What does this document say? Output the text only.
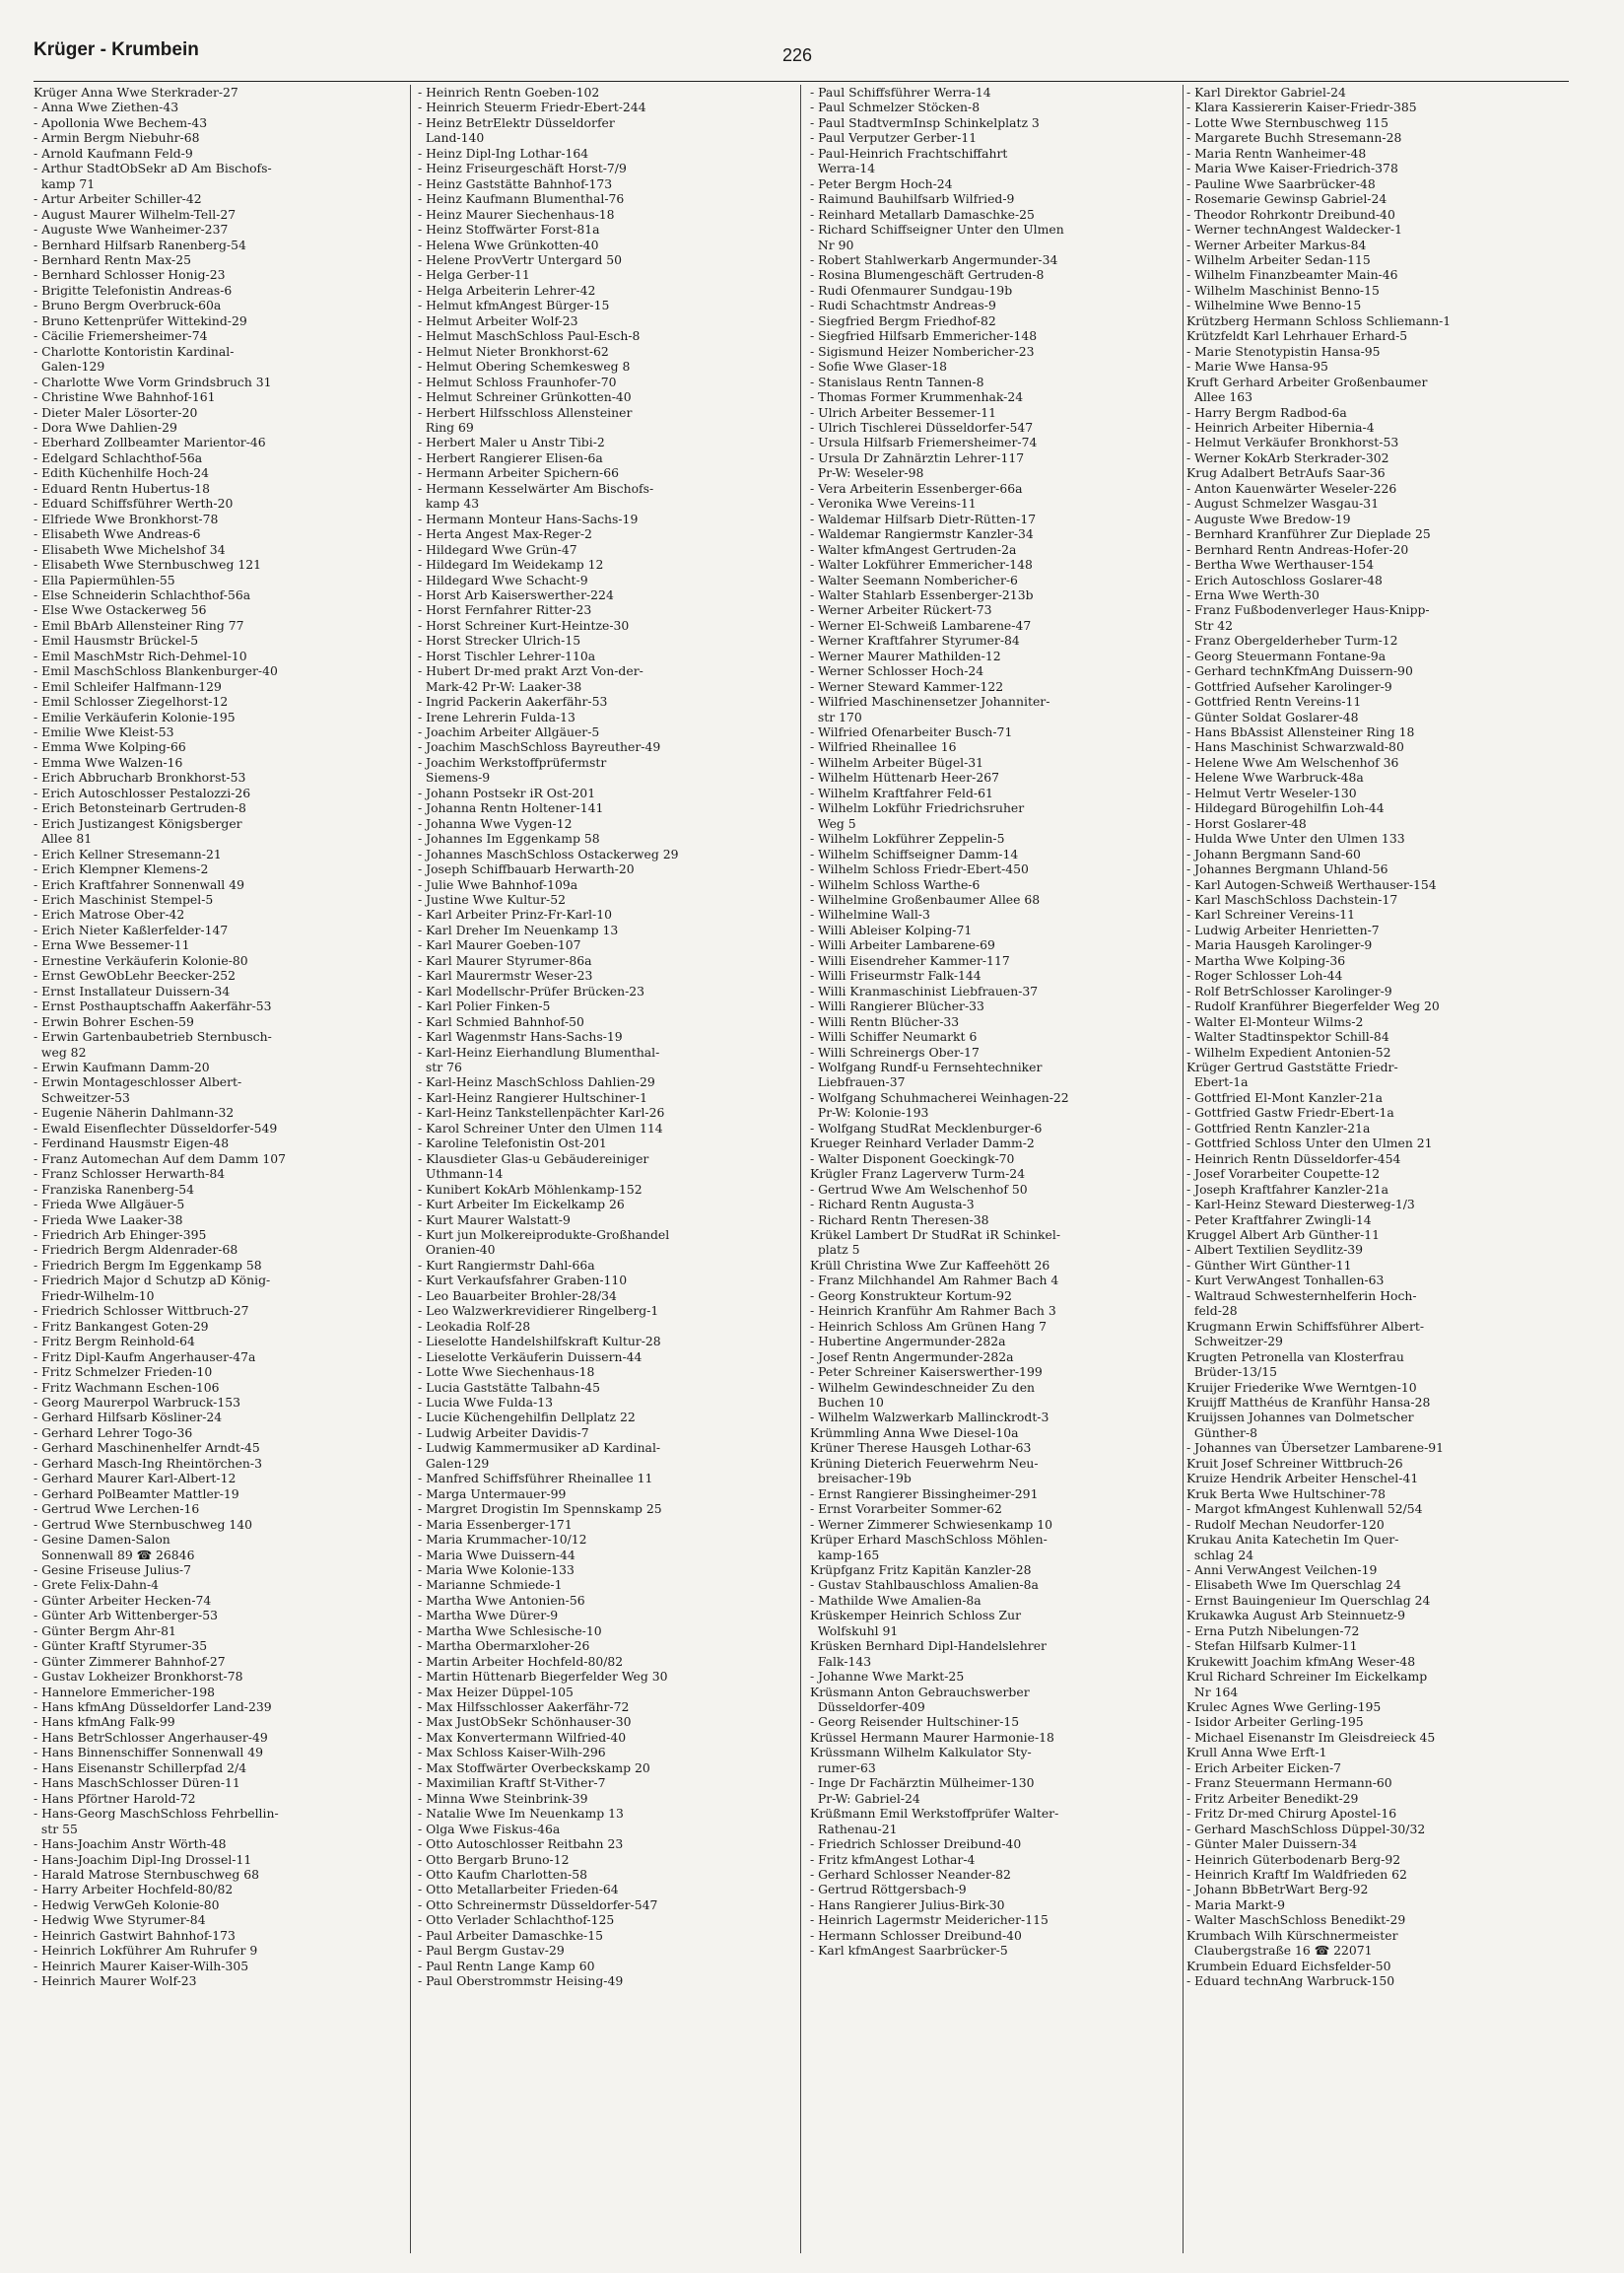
Krüger - Krumbein	226
Krüger Anna Wwe Sterkrader-27
- Anna Wwe Ziethen-43
- Apollonia Wwe Bechem-43
- Armin Bergm Niebuhr-68
- Arnold Kaufmann Feld-9
- Arthur StadtObSekr aD Am Bischofs-
kamp 71
- Artur Arbeiter Schiller-42
- August Maurer Wilhelm-Tell-27
- Auguste Wwe Wanheimer-237
- Bernhard Hilfsarb Ranenberg-54
- Bernhard Rentn Max-25
- Bernhard Schlosser Honig-23
- Brigitte Telefonistin Andreas-6
- Bruno Bergm Overbruck-60a
- Bruno Kettenprüfer Wittekind-29
- Cäcilie Friemersheimer-74
- Charlotte Kontoristin Kardinal-
Galen-129
- Charlotte Wwe Vorm Grindsbruch 31
- Christine Wwe Bahnhof-161
- Dieter Maler Lösorter-20
- Dora Wwe Dahlien-29
- Eberhard Zollbeamter Marientor-46
- Edelgard Schlachthof-56a
- Edith Küchenhilfe Hoch-24
- Eduard Rentn Hubertus-18
- Eduard Schiffsführer Werth-20
- Elfriede Wwe Bronkhorst-78
- Elisabeth Wwe Andreas-6
- Elisabeth Wwe Michelshof 34
- Elisabeth Wwe Sternbuschweg 121
- Ella Papiermühlen-55
- Else Schneiderin Schlachthof-56a
- Else Wwe Ostackerweg 56
- Emil BbArb Allensteiner Ring 77
- Emil Hausmstr Brückel-5
- Emil MaschMstr Rich-Dehmel-10
- Emil MaschSchloss Blankenburger-40
- Emil Schleifer Halfmann-129
- Emil Schlosser Ziegelhorst-12
- Emilie Verkäuferin Kolonie-195
- Emilie Wwe Kleist-53
- Emma Wwe Kolping-66
- Emma Wwe Walzen-16
- Erich Abbrucharb Bronkhorst-53
- Erich Autoschlosser Pestalozzi-26
- Erich Betonsteinarb Gertruden-8
- Erich Justizangest Königsberger
Allee 81
- Erich Kellner Stresemann-21
- Erich Klempner Klemens-2
- Erich Kraftfahrer Sonnenwall 49
- Erich Maschinist Stempel-5
- Erich Matrose Ober-42
- Erich Nieter Kaßlerfelder-147
- Erna Wwe Bessemer-11
- Ernestine Verkäuferin Kolonie-80
- Ernst GewObLehr Beecker-252
- Ernst Installateur Duissern-34
- Ernst Posthauptschaffn Aakerfähr-53
- Erwin Bohrer Eschen-59
- Erwin Gartenbaubetrieb Sternbusch-
weg 82
- Erwin Kaufmann Damm-20
- Erwin Montageschlosser Albert-
Schweitzer-53
- Eugenie Näherin Dahlmann-32
- Ewald Eisenflechter Düsseldorfer-549
- Ferdinand Hausmstr Eigen-48
- Franz Automechan Auf dem Damm 107
- Franz Schlosser Herwarth-84
- Franziska Ranenberg-54
- Frieda Wwe Allgäuer-5
- Frieda Wwe Laaker-38
- Friedrich Arb Ehinger-395
- Friedrich Bergm Aldenrader-68
- Friedrich Bergm Im Eggenkamp 58
- Friedrich Major d Schutzp aD König-
Friedr-Wilhelm-10
- Friedrich Schlosser Wittbruch-27
- Fritz Bankangest Goten-29
- Fritz Bergm Reinhold-64
- Fritz Dipl-Kaufm Angerhauser-47a
- Fritz Schmelzer Frieden-10
- Fritz Wachmann Eschen-106
- Georg Maurerpol Warbruck-153
- Gerhard Hilfsarb Kösliner-24
- Gerhard Lehrer Togo-36
- Gerhard Maschinenhelfer Arndt-45
- Gerhard Masch-Ing Rheintörchen-3
- Gerhard Maurer Karl-Albert-12
- Gerhard PolBeamter Mattler-19
- Gertrud Wwe Lerchen-16
- Gertrud Wwe Sternbuschweg 140
- Gesine Damen-Salon
Sonnenwall 89 ☎ 26846
- Gesine Friseuse Julius-7
- Grete Felix-Dahn-4
- Günter Arbeiter Hecken-74
- Günter Arb Wittenberger-53
- Günter Bergm Ahr-81
- Günter Kraftf Styrumer-35
- Günter Zimmerer Bahnhof-27
- Gustav Lokheizer Bronkhorst-78
- Hannelore Emmericher-198
- Hans kfmAng Düsseldorfer Land-239
- Hans kfmAng Falk-99
- Hans BetrSchlosser Angerhauser-49
- Hans Binnenschiffer Sonnenwall 49
- Hans Eisenanstr Schillerpfad 2/4
- Hans MaschSchlosser Düren-11
- Hans Pförtner Harold-72
- Hans-Georg MaschSchloss Fehrbellin-
str 55
- Hans-Joachim Anstr Wörth-48
- Hans-Joachim Dipl-Ing Drossel-11
- Harald Matrose Sternbuschweg 68
- Harry Arbeiter Hochfeld-80/82
- Hedwig VerwGeh Kolonie-80
- Hedwig Wwe Styrumer-84
- Heinrich Gastwirt Bahnhof-173
- Heinrich Lokführer Am Ruhrufer 9
- Heinrich Maurer Kaiser-Wilh-305
- Heinrich Maurer Wolf-23
- Heinrich Rentn Goeben-102
- Heinrich Steuerm Friedr-Ebert-244
- Heinz BetrElektr Düsseldorfer
Land-140
- Heinz Dipl-Ing Lothar-164
- Heinz Friseurgeschäft Horst-7/9
- Heinz Gaststätte Bahnhof-173
- Heinz Kaufmann Blumenthal-76
- Heinz Maurer Siechenhaus-18
- Heinz Stoffwärter Forst-81a
- Helena Wwe Grünkotten-40
- Helene ProvVertr Untergard 50
- Helga Gerber-11
- Helga Arbeiterin Lehrer-42
- Helmut kfmAngest Bürger-15
- Helmut Arbeiter Wolf-23
- Helmut MaschSchloss Paul-Esch-8
- Helmut Nieter Bronkhorst-62
- Helmut Obering Schemkesweg 8
- Helmut Schloss Fraunhofer-70
- Helmut Schreiner Grünkotten-40
- Herbert Hilfsschloss Allensteiner
Ring 69
- Herbert Maler u Anstr Tibi-2
- Herbert Rangierer Elisen-6a
- Hermann Arbeiter Spichern-66
- Hermann Kesselwärter Am Bischofs-
kamp 43
- Hermann Monteur Hans-Sachs-19
- Herta Angest Max-Reger-2
- Hildegard Wwe Grün-47
- Hildegard Im Weidekamp 12
- Hildegard Wwe Schacht-9
- Horst Arb Kaiserswerther-224
- Horst Fernfahrer Ritter-23
- Horst Schreiner Kurt-Heintze-30
- Horst Strecker Ulrich-15
- Horst Tischler Lehrer-110a
- Hubert Dr-med prakt Arzt Von-der-
Mark-42 Pr-W: Laaker-38
- Ingrid Packerin Aakerfähr-53
- Irene Lehrerin Fulda-13
- Joachim Arbeiter Allgäuer-5
- Joachim MaschSchloss Bayreuther-49
- Joachim Werkstoffprüfermstr
Siemens-9
- Johann Postsekr iR Ost-201
- Johanna Rentn Holtener-141
- Johanna Wwe Vygen-12
- Johannes Im Eggenkamp 58
- Johannes MaschSchloss Ostackerweg 29
- Joseph Schiffbauarb Herwarth-20
- Julie Wwe Bahnhof-109a
- Justine Wwe Kultur-52
- Karl Arbeiter Prinz-Fr-Karl-10
- Karl Dreher Im Neuenkamp 13
- Karl Maurer Goeben-107
- Karl Maurer Styrumer-86a
- Karl Maurermstr Weser-23
- Karl Modellschr-Prüfer Brücken-23
- Karl Polier Finken-5
- Karl Schmied Bahnhof-50
- Karl Wagenmstr Hans-Sachs-19
- Karl-Heinz Eierhandlung Blumenthal-
str 76
- Karl-Heinz MaschSchloss Dahlien-29
- Karl-Heinz Rangierer Hultschiner-1
- Karl-Heinz Tankstellenpächter Karl-26
- Karol Schreiner Unter den Ulmen 114
- Karoline Telefonistin Ost-201
- Klausdieter Glas-u Gebäudereiniger
Uthmann-14
- Kunibert KokArb Möhlenkamp-152
- Kurt Arbeiter Im Eickelkamp 26
- Kurt Maurer Walstatt-9
- Kurt jun Molkereiprodukte-Großhandel
Oranien-40
- Kurt Rangiermstr Dahl-66a
- Kurt Verkaufsfahrer Graben-110
- Leo Bauarbeiter Brohler-28/34
- Leo Walzwerkrevidierer Ringelberg-1
- Leokadia Rolf-28
- Lieselotte Handelshilfskraft Kultur-28
- Lieselotte Verkäuferin Duissern-44
- Lotte Wwe Siechenhaus-18
- Lucia Gaststätte Talbahn-45
- Lucia Wwe Fulda-13
- Lucie Küchengehilfin Dellplatz 22
- Ludwig Arbeiter Davidis-7
- Ludwig Kammermusiker aD Kardinal-
Galen-129
- Manfred Schiffsführer Rheinallee 11
- Marga Untermauer-99
- Margret Drogistin Im Spennskamp 25
- Maria Essenberger-171
- Maria Krummacher-10/12
- Maria Wwe Duissern-44
- Maria Wwe Kolonie-133
- Marianne Schmiede-1
- Martha Wwe Antonien-56
- Martha Wwe Dürer-9
- Martha Wwe Schlesische-10
- Martha Obermarxloher-26
- Martin Arbeiter Hochfeld-80/82
- Martin Hüttenarb Biegerfelder Weg 30
- Max Heizer Düppel-105
- Max Hilfsschlosser Aakerfähr-72
- Max JustObSekr Schönhauser-30
- Max Konvertermann Wilfried-40
- Max Schloss Kaiser-Wilh-296
- Max Stoffwärter Overbeckskamp 20
- Maximilian Kraftf St-Vither-7
- Minna Wwe Steinbrink-39
- Natalie Wwe Im Neuenkamp 13
- Olga Wwe Fiskus-46a
- Otto Autoschlosser Reitbahn 23
- Otto Bergarb Bruno-12
- Otto Kaufm Charlotten-58
- Otto Metallarbeiter Frieden-64
- Otto Schreinermstr Düsseldorfer-547
- Otto Verlader Schlachthof-125
- Paul Arbeiter Damaschke-15
- Paul Bergm Gustav-29
- Paul Rentn Lange Kamp 60
- Paul Oberstrommstr Heising-49
- Paul Schiffsführer Werra-14
- Paul Schmelzer Stöcken-8
- Paul StadtvermInsp Schinkelplatz 3
- Paul Verputzer Gerber-11
- Paul-Heinrich Frachtschiffahrt
Werra-14
- Peter Bergm Hoch-24
- Raimund Bauhilfsarb Wilfried-9
- Reinhard Metallarb Damaschke-25
- Richard Schiffseigner Unter den Ulmen
Nr 90
- Robert Stahlwerkarb Angermunder-34
- Rosina Blumengeschäft Gertruden-8
- Rudi Ofenmaurer Sundgau-19b
- Rudi Schachtmstr Andreas-9
- Siegfried Bergm Friedhof-82
- Siegfried Hilfsarb Emmericher-148
- Sigismund Heizer Nombericher-23
- Sofie Wwe Glaser-18
- Stanislaus Rentn Tannen-8
- Thomas Former Krummenhak-24
- Ulrich Arbeiter Bessemer-11
- Ulrich Tischlerei Düsseldorfer-547
- Ursula Hilfsarb Friemersheimer-74
- Ursula Dr Zahnärztin Lehrer-117
Pr-W: Weseler-98
- Vera Arbeiterin Essenberger-66a
- Veronika Wwe Vereins-11
- Waldemar Hilfsarb Dietr-Rütten-17
- Waldemar Rangiermstr Kanzler-34
- Walter kfmAngest Gertruden-2a
- Walter Lokführer Emmericher-148
- Walter Seemann Nombericher-6
- Walter Stahlarb Essenberger-213b
- Werner Arbeiter Rückert-73
- Werner El-Schweiß Lambarene-47
- Werner Kraftfahrer Styrumer-84
- Werner Maurer Mathilden-12
- Werner Schlosser Hoch-24
- Werner Steward Kammer-122
- Wilfried Maschinensetzer Johanniter-
str 170
- Wilfried Ofenarbeiter Busch-71
- Wilfried Rheinallee 16
- Wilhelm Arbeiter Bügel-31
- Wilhelm Hüttenarb Heer-267
- Wilhelm Kraftfahrer Feld-61
- Wilhelm Lokführ Friedrichsruher
Weg 5
- Wilhelm Lokführer Zeppelin-5
- Wilhelm Schiffseigner Damm-14
- Wilhelm Schloss Friedr-Ebert-450
- Wilhelm Schloss Warthe-6
- Wilhelmine Großenbaumer Allee 68
- Wilhelmine Wall-3
- Willi Ableiser Kolping-71
- Willi Arbeiter Lambarene-69
- Willi Eisendreher Kammer-117
- Willi Friseurmstr Falk-144
- Willi Kranmaschinist Liebfrauen-37
- Willi Rangierer Blücher-33
- Willi Rentn Blücher-33
- Willi Schiffer Neumarkt 6
- Willi Schreinergs Ober-17
- Wolfgang Rundf-u Fernsehtechniker
Liebfrauen-37
- Wolfgang Schuhmacherei Weinhagen-22
Pr-W: Kolonie-193
- Wolfgang StudRat Mecklenburger-6
Krueger Reinhard Verlader Damm-2
- Walter Disponent Goeckingk-70
Krügler Franz Lagerverw Turm-24
- Gertrud Wwe Am Welschenhof 50
- Richard Rentn Augusta-3
- Richard Rentn Theresen-38
Krükel Lambert Dr StudRat iR Schinkel-
platz 5
Krüll Christina Wwe Zur Kaffeehött 26
- Franz Milchhandel Am Rahmer Bach 4
- Georg Konstrukteur Kortum-92
- Heinrich Kranführ Am Rahmer Bach 3
- Heinrich Schloss Am Grünen Hang 7
- Hubertine Angermunder-282a
- Josef Rentn Angermunder-282a
- Peter Schreiner Kaiserswerther-199
- Wilhelm Gewindeschneider Zu den
Buchen 10
- Wilhelm Walzwerkarb Mallinckrodt-3
Krümmling Anna Wwe Diesel-10a
Krüner Therese Hausgeh Lothar-63
Krüning Dieterich Feuerwehrm Neu-
breisacher-19b
- Ernst Rangierer Bissingheimer-291
- Ernst Vorarbeiter Sommer-62
- Werner Zimmerer Schwiesenkamp 10
Krüper Erhard MaschSchloss Möhlen-
kamp-165
Krüpfganz Fritz Kapitän Kanzler-28
- Gustav Stahlbauschloss Amalien-8a
- Mathilde Wwe Amalien-8a
Krüskemper Heinrich Schloss Zur
Wolfskuhl 91
Krüsken Bernhard Dipl-Handelslehrer
Falk-143
- Johanne Wwe Markt-25
Krüsmann Anton Gebrauchswerber
Düsseldorfer-409
- Georg Reisender Hultschiner-15
Krüssel Hermann Maurer Harmonie-18
Krüssmann Wilhelm Kalkulator Sty-
rumer-63
- Inge Dr Fachärztin Mülheimer-130
Pr-W: Gabriel-24
Krüßmann Emil Werkstoffprüfer Walter-
Rathenau-21
- Friedrich Schlosser Dreibund-40
- Fritz kfmAngest Lothar-4
- Gerhard Schlosser Neander-82
- Gertrud Röttgersbach-9
- Hans Rangierer Julius-Birk-30
- Heinrich Lagermstr Meidericher-115
- Hermann Schlosser Dreibund-40
- Karl kfmAngest Saarbrücker-5
- Karl Direktor Gabriel-24
- Klara Kassiererin Kaiser-Friedr-385
- Lotte Wwe Sternbuschweg 115
- Margarete Buchh Stresemann-28
- Maria Rentn Wanheimer-48
- Maria Wwe Kaiser-Friedrich-378
- Pauline Wwe Saarbrücker-48
- Rosemarie Gewinsp Gabriel-24
- Theodor Rohrkontr Dreibund-40
- Werner technAngest Waldecker-1
- Werner Arbeiter Markus-84
- Wilhelm Arbeiter Sedan-115
- Wilhelm Finanzbeamter Main-46
- Wilhelm Maschinist Benno-15
- Wilhelmine Wwe Benno-15
Krützberg Hermann Schloss Schliemann-1
Krützfeldt Karl Lehrhauer Erhard-5
- Marie Stenotypistin Hansa-95
- Marie Wwe Hansa-95
Kruft Gerhard Arbeiter Großenbaumer
Allee 163
- Harry Bergm Radbod-6a
- Heinrich Arbeiter Hibernia-4
- Helmut Verkäufer Bronkhorst-53
- Werner KokArb Sterkrader-302
Krug Adalbert BetrAufs Saar-36
- Anton Kauenwärter Weseler-226
- August Schmelzer Wasgau-31
- Auguste Wwe Bredow-19
- Bernhard Kranführer Zur Dieplade 25
- Bernhard Rentn Andreas-Hofer-20
- Bertha Wwe Werthauser-154
- Erich Autoschloss Goslarer-48
- Erna Wwe Werth-30
- Franz Fußbodenverleger Haus-Knipp-
Str 42
- Franz Obergelderheber Turm-12
- Georg Steuermann Fontane-9a
- Gerhard technKfmAng Duissern-90
- Gottfried Aufseher Karolinger-9
- Gottfried Rentn Vereins-11
- Günter Soldat Goslarer-48
- Hans BbAssist Allensteiner Ring 18
- Hans Maschinist Schwarzwald-80
- Helene Wwe Am Welschenhof 36
- Helene Wwe Warbruck-48a
- Helmut Vertr Weseler-130
- Hildegard Bürogehilfin Loh-44
- Horst Goslarer-48
- Hulda Wwe Unter den Ulmen 133
- Johann Bergmann Sand-60
- Johannes Bergmann Uhland-56
- Karl Autogen-Schweiß Werthauser-154
- Karl MaschSchloss Dachstein-17
- Karl Schreiner Vereins-11
- Ludwig Arbeiter Henrietten-7
- Maria Hausgeh Karolinger-9
- Martha Wwe Kolping-36
- Roger Schlosser Loh-44
- Rolf BetrSchlosser Karolinger-9
- Rudolf Kranführer Biegerfelder Weg 20
- Walter El-Monteur Wilms-2
- Walter Stadtinspektor Schill-84
- Wilhelm Expedient Antonien-52
Krüger Gertrud Gaststätte Friedr-
Ebert-1a
- Gottfried El-Mont Kanzler-21a
- Gottfried Gastw Friedr-Ebert-1a
- Gottfried Rentn Kanzler-21a
- Gottfried Schloss Unter den Ulmen 21
- Heinrich Rentn Düsseldorfer-454
- Josef Vorarbeiter Coupette-12
- Joseph Kraftfahrer Kanzler-21a
- Karl-Heinz Steward Diesterweg-1/3
- Peter Kraftfahrer Zwingli-14
Kruggel Albert Arb Günther-11
- Albert Textilien Seydlitz-39
- Günther Wirt Günther-11
- Kurt VerwAngest Tonhallen-63
- Waltraud Schwesternhelferin Hoch-
feld-28
Krugmann Erwin Schiffsführer Albert-
Schweitzer-29
Krugten Petronella van Klosterfrau
Brüder-13/15
Kruijer Friederike Wwe Werntgen-10
Kruijff Matthéus de Kranführ Hansa-28
Kruijssen Johannes van Dolmetscher
Günther-8
- Johannes van Übersetzer Lambarene-91
Kruit Josef Schreiner Wittbruch-26
Kruize Hendrik Arbeiter Henschel-41
Kruk Berta Wwe Hultschiner-78
- Margot kfmAngest Kuhlenwall 52/54
- Rudolf Mechan Neudorfer-120
Krukau Anita Katechetin Im Quer-
schlag 24
- Anni VerwAngest Veilchen-19
- Elisabeth Wwe Im Querschlag 24
- Ernst Bauingenieur Im Querschlag 24
Krukawka August Arb Steinnuetz-9
- Erna Putzh Nibelungen-72
- Stefan Hilfsarb Kulmer-11
Krukewitt Joachim kfmAng Weser-48
Krul Richard Schreiner Im Eickelkamp
Nr 164
Krulec Agnes Wwe Gerling-195
- Isidor Arbeiter Gerling-195
- Michael Eisenanstr Im Gleisdreieck 45
Krull Anna Wwe Erft-1
- Erich Arbeiter Eicken-7
- Franz Steuermann Hermann-60
- Fritz Arbeiter Benedikt-29
- Fritz Dr-med Chirurg Apostel-16
- Gerhard MaschSchloss Düppel-30/32
- Günter Maler Duissern-34
- Heinrich Güterbodenarb Berg-92
- Heinrich Kraftf Im Waldfrieden 62
- Johann BbBetrWart Berg-92
- Maria Markt-9
- Walter MaschSchloss Benedikt-29
Krumbach Wilh Kürschnermeister
Claubergstraße 16 ☎ 22071
Krumbein Eduard Eichsfelder-50
- Eduard technAng Warbruck-150
